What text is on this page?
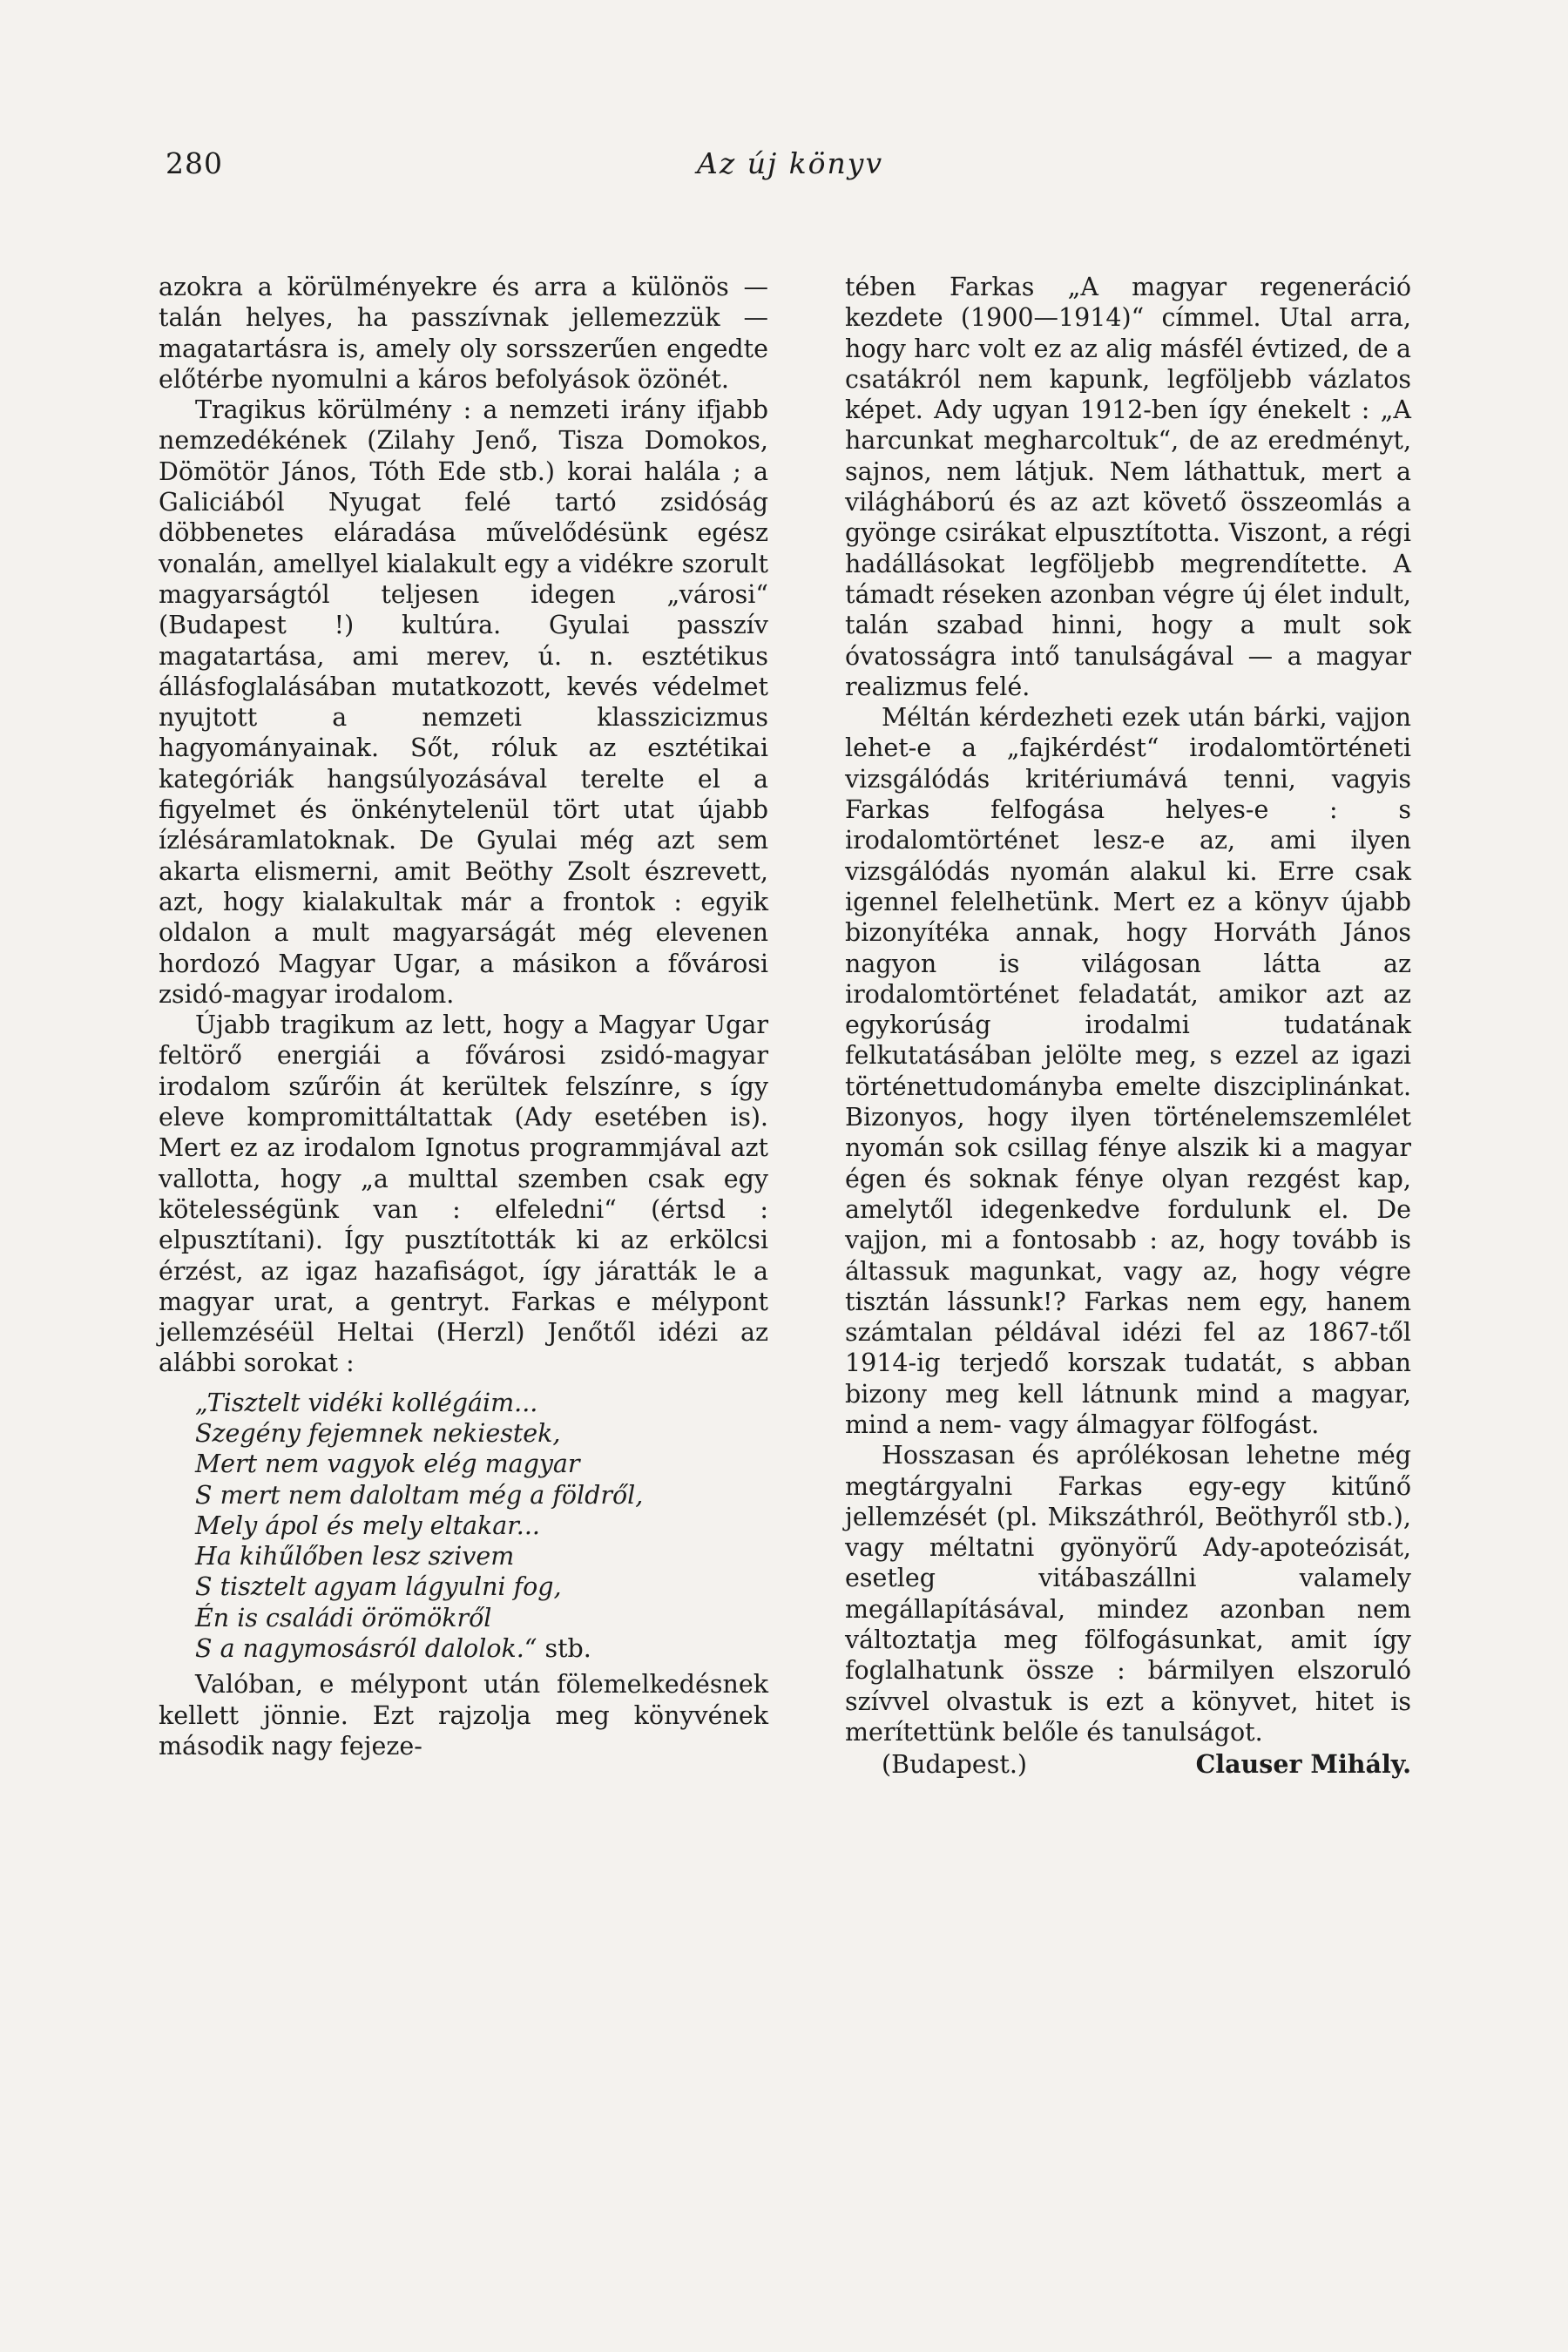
280	Az új könyv

azokra a körülményekre és arra a különös — talán helyes, ha passzívnak jellemezzük — magatartásra is, amely oly sorsszerűen engedte előtérbe nyomulni a káros befolyások özönét.

Tragikus körülmény : a nemzeti irány ifjabb nemzedékének (Zilahy Jenő, Tisza Domokos, Dömötör János, Tóth Ede stb.) korai halála ; a Galiciából Nyugat felé tartó zsidóság döbbenetes eláradása művelődésünk egész vonalán, amellyel kialakult egy a vidékre szorult magyarságtól teljesen idegen „városi“ (Budapest !) kultúra. Gyulai passzív magatartása, ami merev, ú. n. esztétikus állásfoglalásában mutatkozott, kevés védelmet nyujtott a nemzeti klasszicizmus hagyományainak. Sőt, róluk az esztétikai kategóriák hangsúlyozásával terelte el a figyelmet és önkénytelenül tört utat újabb ízlésáramlatoknak. De Gyulai még azt sem akarta elismerni, amit Beöthy Zsolt észrevett, azt, hogy kialakultak már a frontok : egyik oldalon a mult magyarságát még elevenen hordozó Magyar Ugar, a másikon a fővárosi zsidó-magyar irodalom.

Újabb tragikum az lett, hogy a Magyar Ugar feltörő energiái a fővárosi zsidó-magyar irodalom szűrőin át kerültek felszínre, s így eleve kompromittáltattak (Ady esetében is). Mert ez az irodalom Ignotus programmjával azt vallotta, hogy „a multtal szemben csak egy kötelességünk van : elfeledni“ (értsd : elpusztítani). Így pusztították ki az erkölcsi érzést, az igaz hazafiságot, így járatták le a magyar urat, a gentryt. Farkas e mélypont jellemzéséül Heltai (Herzl) Jenőtől idézi az alábbi sorokat :

„Tisztelt vidéki kollégáim...
Szegény fejemnek nekiestek,
Mert nem vagyok elég magyar
S mert nem daloltam még a földről,
Mely ápol és mely eltakar...
Ha kihűlőben lesz szivem
S tisztelt agyam lágyulni fog,
Én is családi örömökről
S a nagymosásról dalolok.“ stb.

Valóban, e mélypont után fölemelkedésnek kellett jönnie. Ezt rajzolja meg könyvének második nagy fejeze-

tében Farkas „A magyar regeneráció kezdete (1900—1914)“ címmel. Utal arra, hogy harc volt ez az alig másfél évtized, de a csatákról nem kapunk, legföljebb vázlatos képet. Ady ugyan 1912-ben így énekelt : „A harcunkat megharcoltuk“, de az eredményt, sajnos, nem látjuk. Nem láthattuk, mert a világháború és az azt követő összeomlás a gyönge csirákat elpusztította. Viszont, a régi hadállásokat legföljebb megrendítette. A támadt réseken azonban végre új élet indult, talán szabad hinni, hogy a mult sok óvatosságra intő tanulságával — a magyar realizmus felé.

Méltán kérdezheti ezek után bárki, vajjon lehet-e a „fajkérdést“ irodalomtörténeti vizsgálódás kritériumává tenni, vagyis Farkas felfogása helyes-e : s irodalomtörténet lesz-e az, ami ilyen vizsgálódás nyomán alakul ki. Erre csak igennel felelhetünk. Mert ez a könyv újabb bizonyítéka annak, hogy Horváth János nagyon is világosan látta az irodalomtörténet feladatát, amikor azt az egykorúság irodalmi tudatának felkutatásában jelölte meg, s ezzel az igazi történettudományba emelte diszciplinánkat. Bizonyos, hogy ilyen történelemszemlélet nyomán sok csillag fénye alszik ki a magyar égen és soknak fénye olyan rezgést kap, amelytől idegenkedve fordulunk el. De vajjon, mi a fontosabb : az, hogy tovább is áltassuk magunkat, vagy az, hogy végre tisztán lássunk!? Farkas nem egy, hanem számtalan példával idézi fel az 1867-től 1914-ig terjedő korszak tudatát, s abban bizony meg kell látnunk mind a magyar, mind a nem- vagy álmagyar fölfogást.

Hosszasan és aprólékosan lehetne még megtárgyalni Farkas egy-egy kitűnő jellemzését (pl. Mikszáthról, Beöthyről stb.), vagy méltatni gyönyörű Ady-apoteózisát, esetleg vitábaszállni valamely megállapításával, mindez azonban nem változtatja meg fölfogásunkat, amit így foglalhatunk össze : bármilyen elszoruló szívvel olvastuk is ezt a könyvet, hitet is merítettünk belőle és tanulságot.

(Budapest.)	Clauser Mihály.
